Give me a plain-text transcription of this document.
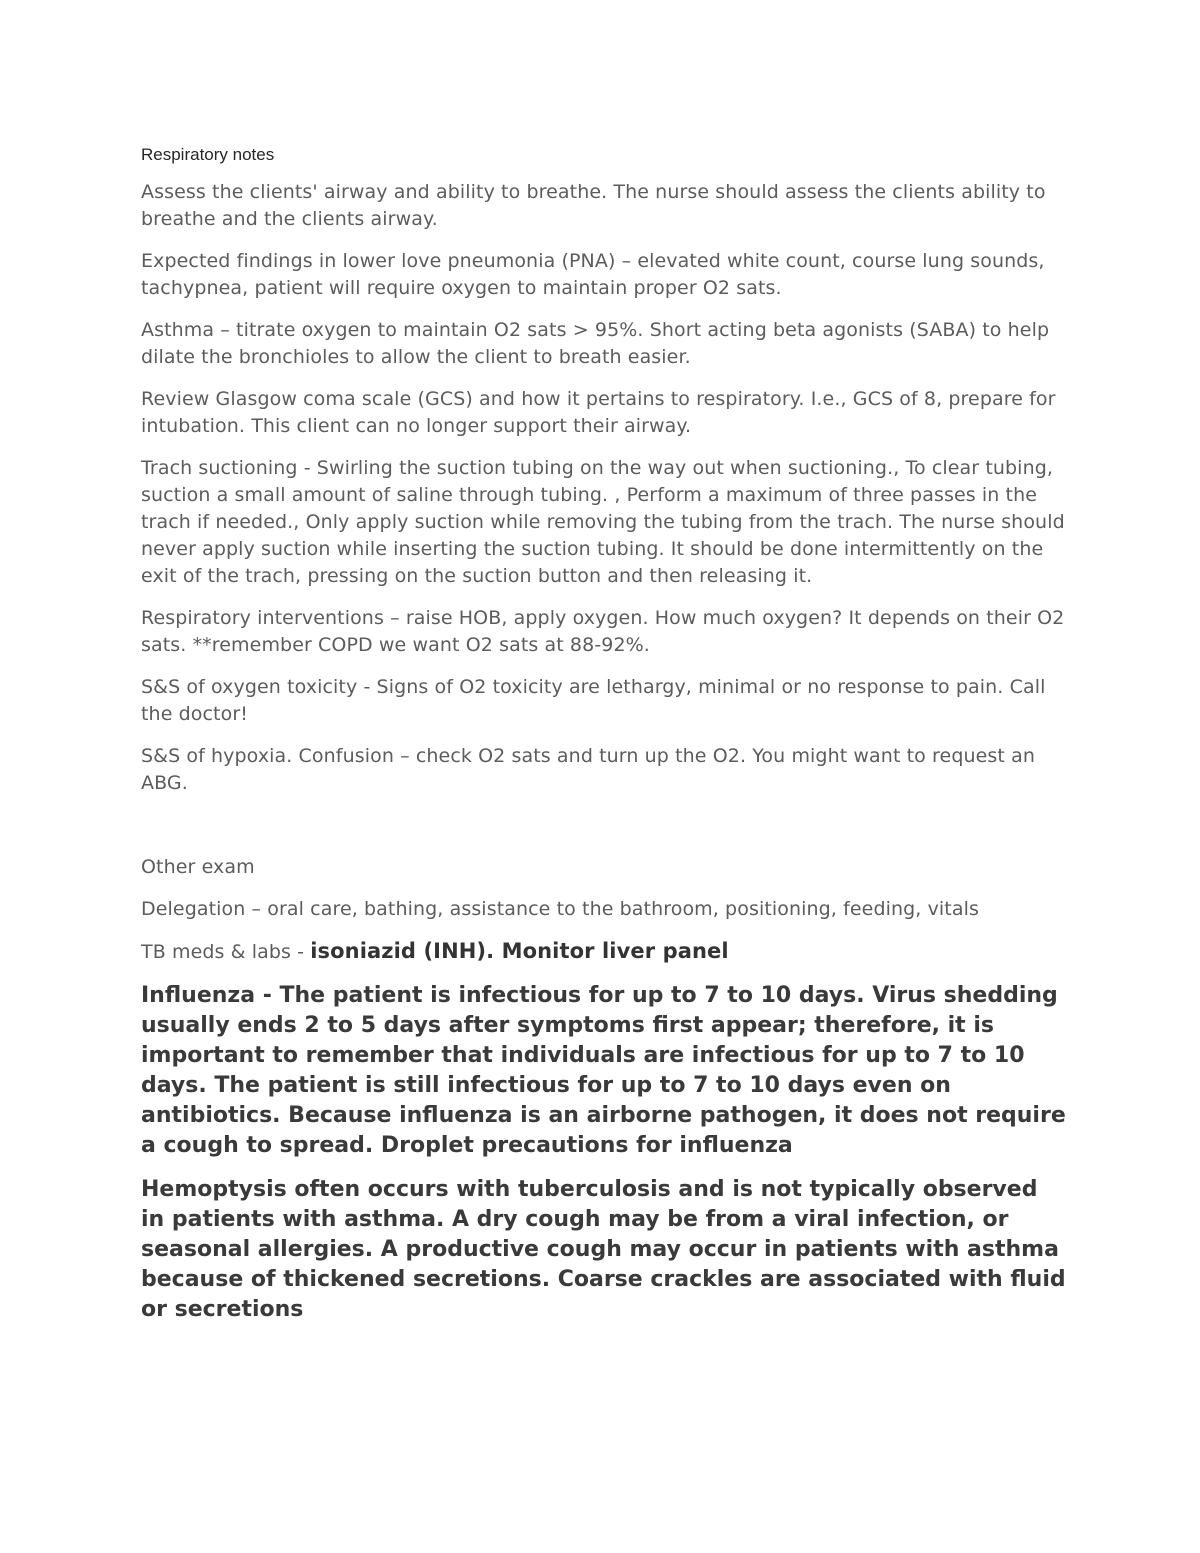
Respiratory notes
Assess the clients' airway and ability to breathe. The nurse should assess the clients ability to breathe and the clients airway.
Expected findings in lower love pneumonia (PNA) – elevated white count, course lung sounds, tachypnea, patient will require oxygen to maintain proper O2 sats.
Asthma – titrate oxygen to maintain O2 sats > 95%. Short acting beta agonists (SABA) to help dilate the bronchioles to allow the client to breath easier.
Review Glasgow coma scale (GCS) and how it pertains to respiratory. I.e., GCS of 8, prepare for intubation. This client can no longer support their airway.
Trach suctioning - Swirling the suction tubing on the way out when suctioning., To clear tubing, suction a small amount of saline through tubing. , Perform a maximum of three passes in the trach if needed., Only apply suction while removing the tubing from the trach. The nurse should never apply suction while inserting the suction tubing. It should be done intermittently on the exit of the trach, pressing on the suction button and then releasing it.
Respiratory interventions – raise HOB, apply oxygen. How much oxygen? It depends on their O2 sats. **remember COPD we want O2 sats at 88-92%.
S&S of oxygen toxicity - Signs of O2 toxicity are lethargy, minimal or no response to pain. Call the doctor!
S&S of hypoxia. Confusion – check O2 sats and turn up the O2. You might want to request an ABG.
Other exam
Delegation – oral care, bathing, assistance to the bathroom, positioning, feeding, vitals
TB meds & labs - isoniazid (INH). Monitor liver panel
Influenza - The patient is infectious for up to 7 to 10 days. Virus shedding usually ends 2 to 5 days after symptoms first appear; therefore, it is important to remember that individuals are infectious for up to 7 to 10 days. The patient is still infectious for up to 7 to 10 days even on antibiotics. Because influenza is an airborne pathogen, it does not require a cough to spread. Droplet precautions for influenza
Hemoptysis often occurs with tuberculosis and is not typically observed in patients with asthma. A dry cough may be from a viral infection, or seasonal allergies. A productive cough may occur in patients with asthma because of thickened secretions. Coarse crackles are associated with fluid or secretions
